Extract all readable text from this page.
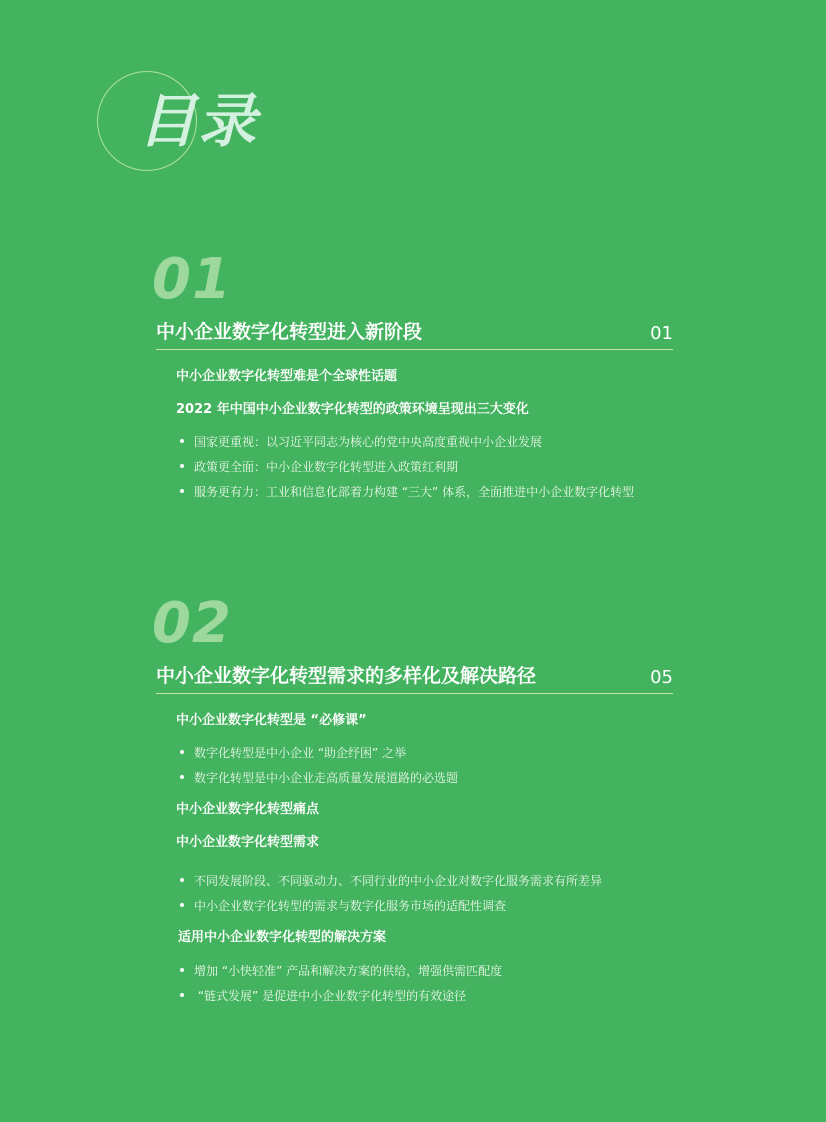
目录
01
中小企业数字化转型进入新阶段	01
中小企业数字化转型难是个全球性话题
2022 年中国中小企业数字化转型的政策环境呈现出三大变化
国家更重视：以习近平同志为核心的党中央高度重视中小企业发展
政策更全面：中小企业数字化转型进入政策红利期
服务更有力：工业和信息化部着力构建 “三大” 体系，全面推进中小企业数字化转型
02
中小企业数字化转型需求的多样化及解决路径	05
中小企业数字化转型是 “必修课”
数字化转型是中小企业 “助企纾困” 之举
数字化转型是中小企业走高质量发展道路的必选题
中小企业数字化转型痛点
中小企业数字化转型需求
不同发展阶段、不同驱动力、不同行业的中小企业对数字化服务需求有所差异
中小企业数字化转型的需求与数字化服务市场的适配性调查
适用中小企业数字化转型的解决方案
增加 “小快轻准” 产品和解决方案的供给，增强供需匹配度
“链式发展” 是促进中小企业数字化转型的有效途径
